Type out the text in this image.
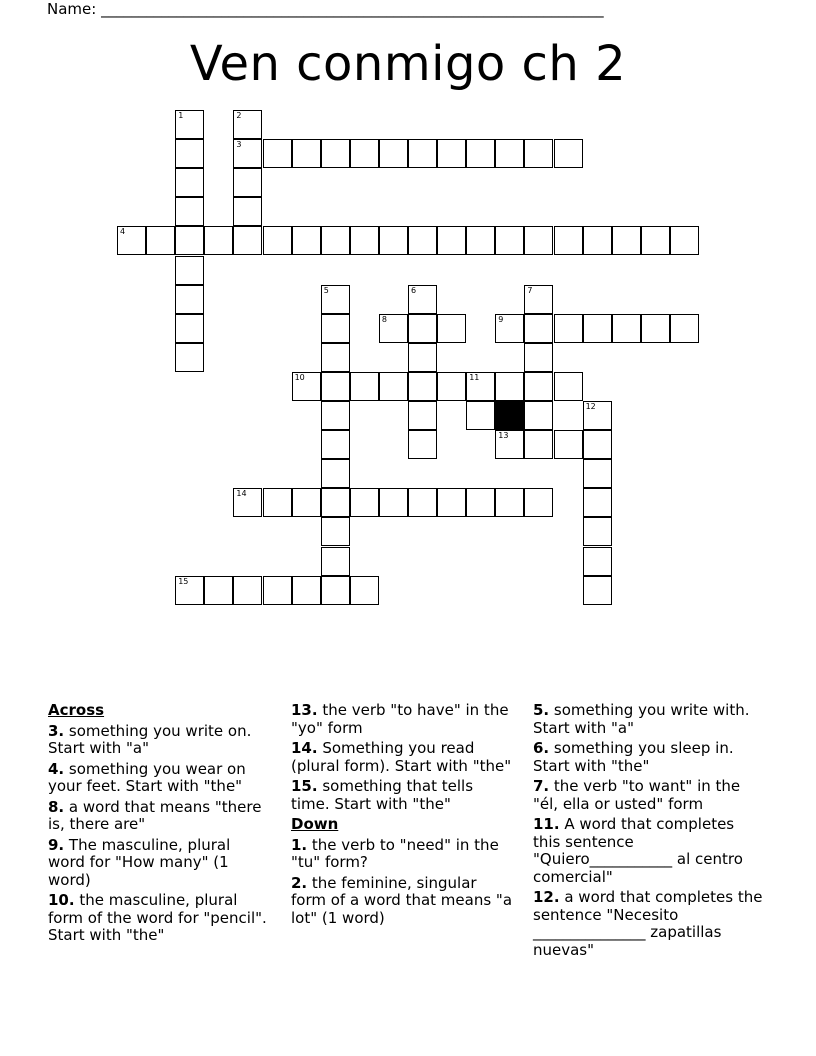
Name: ___________________________________________________________________
Ven conmigo ch 2
1	2
3
4
5	6	7
8	9
10	11
12
13
14
15
Across
3. something you write on. Start with "a"
4. something you wear on your feet. Start with "the"
8. a word that means "there is, there are"
9. The masculine, plural word for "How many" (1 word)
10. the masculine, plural form of the word for "pencil". Start with "the"
13. the verb "to have" in the "yo" form
14. Something you read (plural form). Start with "the"
15. something that tells time. Start with "the"
Down
1. the verb to "need" in the "tu" form?
2. the feminine, singular form of a word that means "a lot" (1 word)
5. something you write with. Start with "a"
6. something you sleep in. Start with "the"
7. the verb "to want" in the "él, ella or usted" form
11. A word that completes this sentence "Quiero___________ al centro comercial"
12. a word that completes the sentence "Necesito _______________ zapatillas nuevas"
